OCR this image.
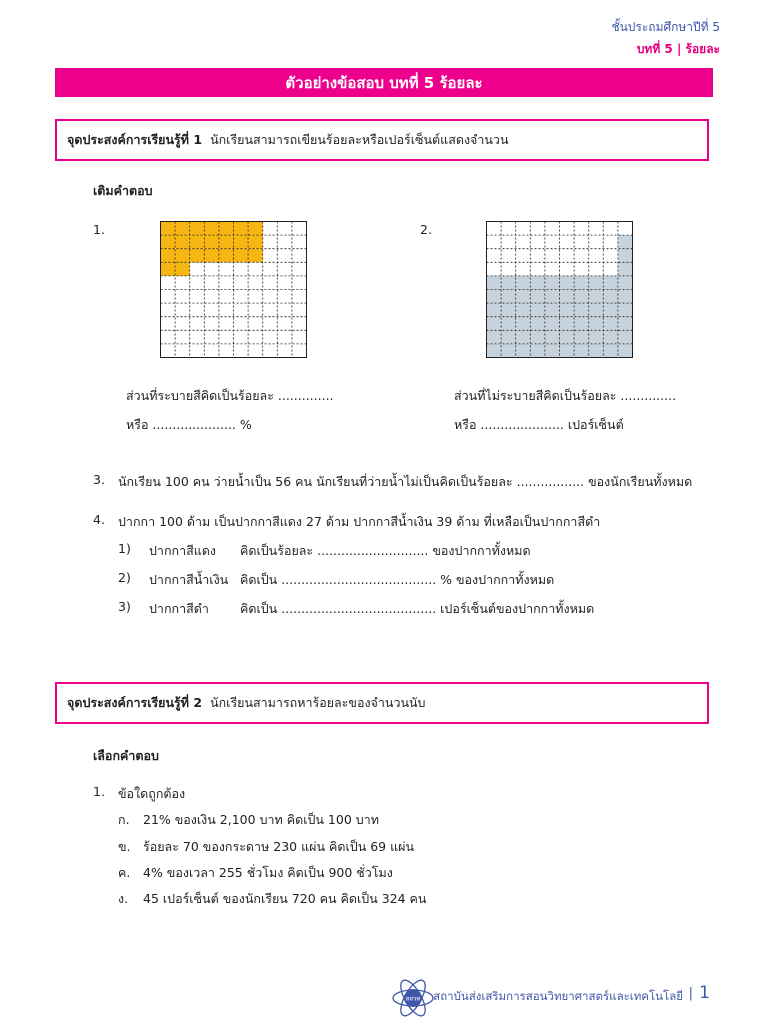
ชั้นประถมศึกษาปีที่ 5
บทที่ 5 | ร้อยละ
ตัวอย่างข้อสอบ บทที่ 5 ร้อยละ
จุดประสงค์การเรียนรู้ที่ 1 นักเรียนสามารถเขียนร้อยละหรือเปอร์เซ็นต์แสดงจำนวน
เติมคำตอบ
1.
ส่วนที่ระบายสีคิดเป็นร้อยละ ..............
หรือ ..................... %
2.
ส่วนที่ไม่ระบายสีคิดเป็นร้อยละ ..............
หรือ ..................... เปอร์เซ็นต์
3. นักเรียน 100 คน ว่ายน้ำเป็น 56 คน นักเรียนที่ว่ายน้ำไม่เป็นคิดเป็นร้อยละ ................. ของนักเรียนทั้งหมด
4. ปากกา 100 ด้าม เป็นปากกาสีแดง 27 ด้าม ปากกาสีน้ำเงิน 39 ด้าม ที่เหลือเป็นปากกาสีดำ
1) ปากกาสีแดง คิดเป็นร้อยละ ............................ ของปากกาทั้งหมด
2) ปากกาสีน้ำเงิน คิดเป็น ....................................... % ของปากกาทั้งหมด
3) ปากกาสีดำ คิดเป็น ....................................... เปอร์เซ็นต์ของปากกาทั้งหมด
จุดประสงค์การเรียนรู้ที่ 2 นักเรียนสามารถหาร้อยละของจำนวนนับ
เลือกคำตอบ
1. ข้อใดถูกต้อง
ก. 21% ของเงิน 2,100 บาท คิดเป็น 100 บาท
ข. ร้อยละ 70 ของกระดาษ 230 แผ่น คิดเป็น 69 แผ่น
ค. 4% ของเวลา 255 ชั่วโมง คิดเป็น 900 ชั่วโมง
ง. 45 เปอร์เซ็นต์ ของนักเรียน 720 คน คิดเป็น 324 คน
สสวท สถาบันส่งเสริมการสอนวิทยาศาสตร์และเทคโนโลยี | 1
